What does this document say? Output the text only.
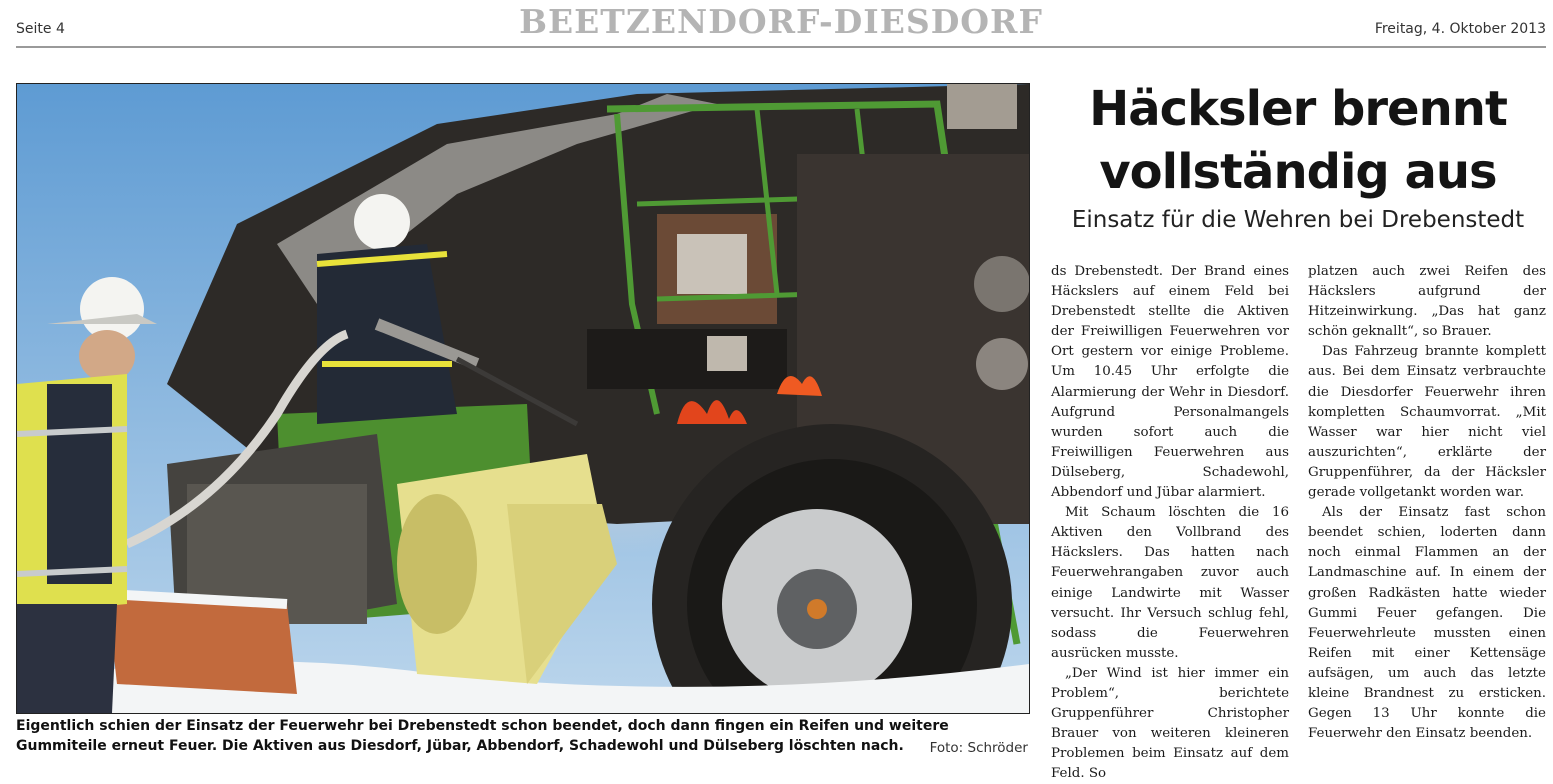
Seite 4	BEETZENDORF-DIESDORF	Freitag, 4. Oktober 2013
Eigentlich schien der Einsatz der Feuerwehr bei Drebenstedt schon beendet, doch dann fingen ein Reifen und weitere Gummiteile erneut Feuer. Die Aktiven aus Diesdorf, Jübar, Abbendorf, Schadewohl und Dülseberg löschten nach.	Foto: Schröder
Häcksler brennt
vollständig aus
Einsatz für die Wehren bei Drebenstedt

ds Drebenstedt. Der Brand eines Häckslers auf einem Feld bei Drebenstedt stellte die Aktiven der Freiwilligen Feuerwehren vor Ort gestern vor einige Probleme. Um 10.45 Uhr erfolgte die Alarmierung der Wehr in Diesdorf. Aufgrund Personalmangels wurden sofort auch die Freiwilligen Feuerwehren aus Dülseberg, Schadewohl, Abbendorf und Jübar alarmiert.

Mit Schaum löschten die 16 Aktiven den Vollbrand des Häckslers. Das hatten nach Feuerwehrangaben zuvor auch einige Landwirte mit Wasser versucht. Ihr Versuch schlug fehl, sodass die Feuerwehren ausrücken musste.

„Der Wind ist hier immer ein Problem“, berichtete Gruppenführer Christopher Brauer von weiteren kleineren Problemen beim Einsatz auf dem Feld. So

platzen auch zwei Reifen des Häckslers aufgrund der Hitzeinwirkung. „Das hat ganz schön geknallt“, so Brauer.

Das Fahrzeug brannte komplett aus. Bei dem Einsatz verbrauchte die Diesdorfer Feuerwehr ihren kompletten Schaumvorrat. „Mit Wasser war hier nicht viel auszurichten“, erklärte der Gruppenführer, da der Häcksler gerade vollgetankt worden war.

Als der Einsatz fast schon beendet schien, loderten dann noch einmal Flammen an der Landmaschine auf. In einem der großen Radkästen hatte wieder Gummi Feuer gefangen. Die Feuerwehrleute mussten einen Reifen mit einer Kettensäge aufsägen, um auch das letzte kleine Brandnest zu ersticken. Gegen 13 Uhr konnte die Feuerwehr den Einsatz beenden.
